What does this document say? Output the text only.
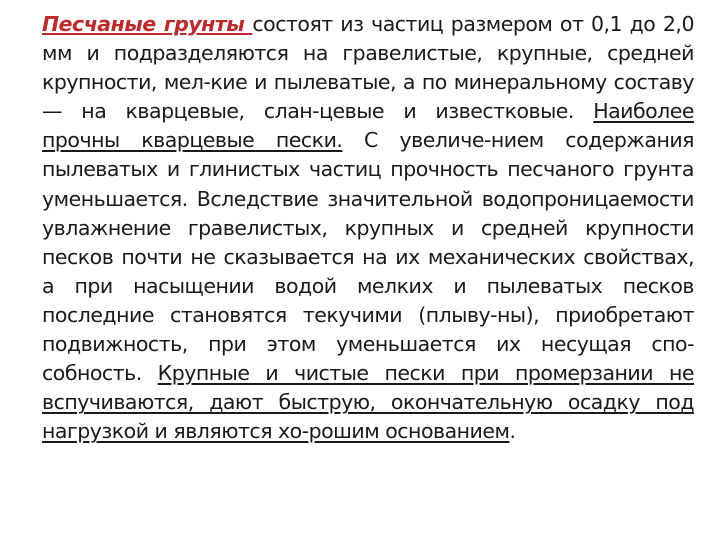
Песчаные грунты состоят из частиц размером от 0,1 до 2,0 мм и подразделяются на гравелистые, крупные, средней крупности, мел-кие и пылеватые, а по минеральному составу — на кварцевые, слан-цевые и известковые. Наиболее прочны кварцевые пески. С увеличе-нием содержания пылеватых и глинистых частиц прочность песчаного грунта уменьшается. Вследствие значительной водопроницаемости увлажнение гравелистых, крупных и средней крупности песков почти не сказывается на их механических свойствах, а при насыщении водой мелких и пылеватых песков последние становятся текучими (плыву-ны), приобретают подвижность, при этом уменьшается их несущая спо-собность. Крупные и чистые пески при промерзании не вспучиваются, дают быструю, окончательную осадку под нагрузкой и являются хо-рошим основанием.
